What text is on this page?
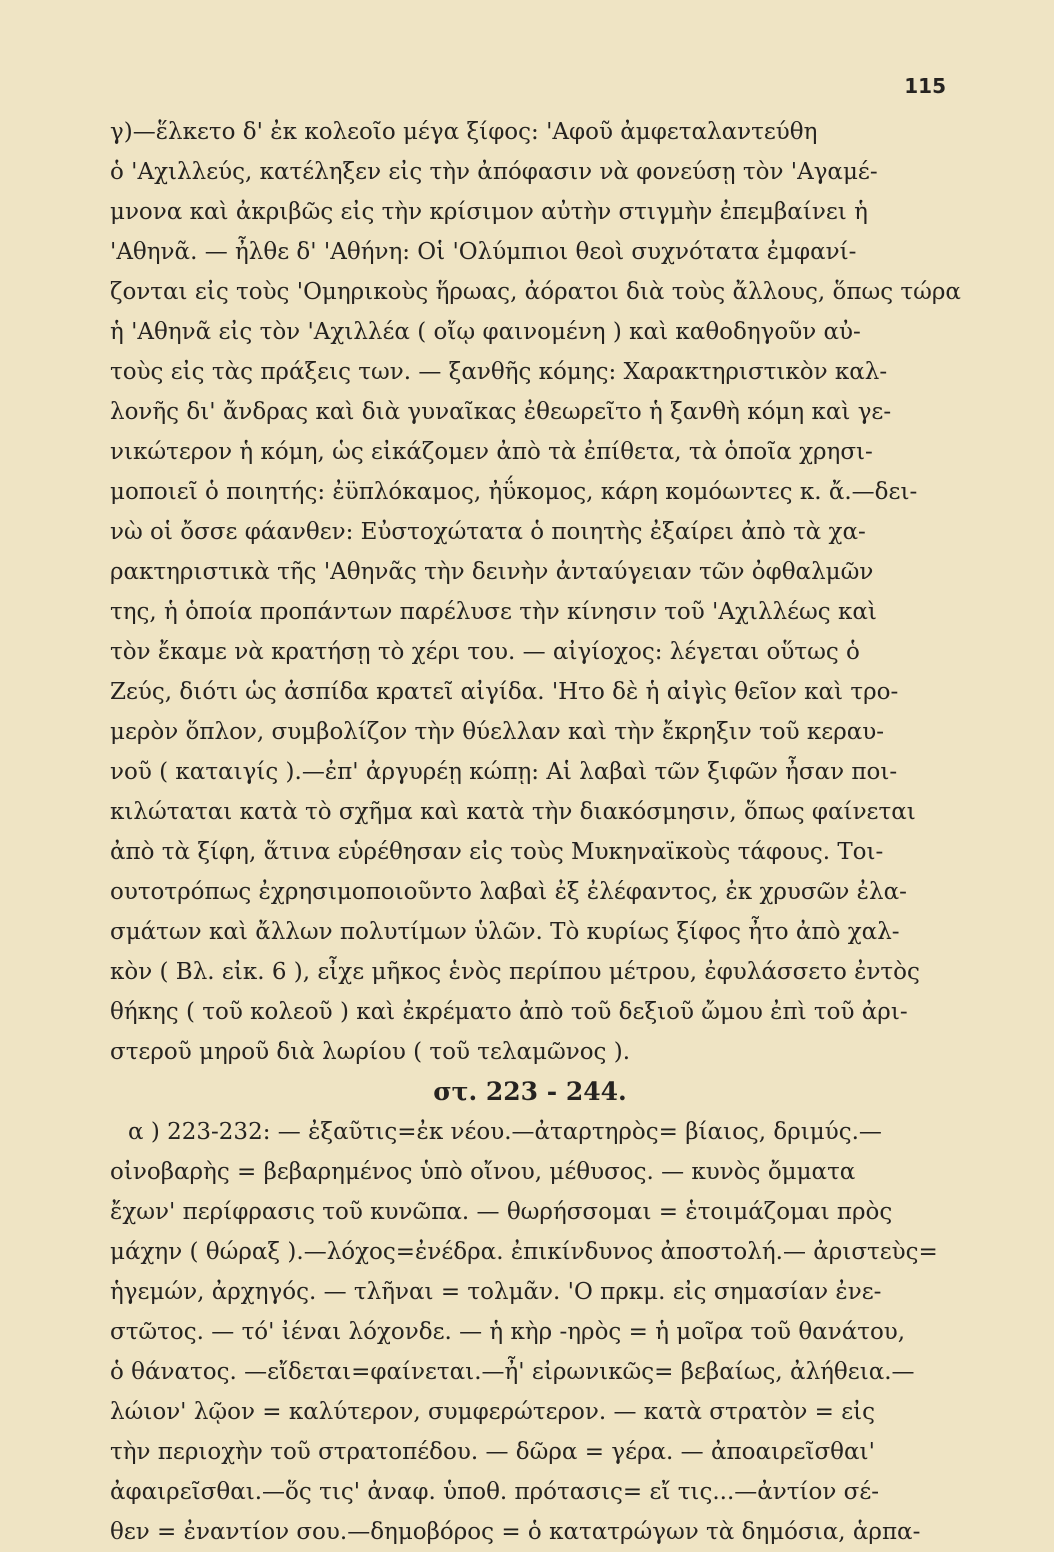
115
γ)—ἕλκετο δ' ἐκ κολεοῖο μέγα ξίφος: 'Αφοῦ ἀμφεταλαντεύθη
ὁ 'Αχιλλεύς, κατέληξεν εἰς τὴν ἀπόφασιν νὰ φονεύσῃ τὸν 'Αγαμέ-
μνονα καὶ ἀκριβῶς εἰς τὴν κρίσιμον αὐτὴν στιγμὴν ἐπεμβαίνει ἡ
'Αθηνᾶ. — ἦλθε δ' 'Αθήνη: Οἱ 'Ολύμπιοι θεοὶ συχνότατα ἐμφανί-
ζονται εἰς τοὺς 'Ομηρικοὺς ἥρωας, ἀόρατοι διὰ τοὺς ἄλλους, ὅπως τώρα
ἡ 'Αθηνᾶ εἰς τὸν 'Αχιλλέα ( οἴῳ φαινομένη ) καὶ καθοδηγοῦν αὐ-
τοὺς εἰς τὰς πράξεις των. — ξανθῆς κόμης: Χαρακτηριστικὸν καλ-
λονῆς δι' ἄνδρας καὶ διὰ γυναῖκας ἐθεωρεῖτο ἡ ξανθὴ κόμη καὶ γε-
νικώτερον ἡ κόμη, ὡς εἰκάζομεν ἀπὸ τὰ ἐπίθετα, τὰ ὁποῖα χρησι-
μοποιεῖ ὁ ποιητής: ἐϋπλόκαμος, ἠΰκομος, κάρη κομόωντες κ. ἄ.—δει-
νὼ οἱ ὄσσε φάανθεν: Εὐστοχώτατα ὁ ποιητὴς ἐξαίρει ἀπὸ τὰ χα-
ρακτηριστικὰ τῆς 'Αθηνᾶς τὴν δεινὴν ἀνταύγειαν τῶν ὀφθαλμῶν
της, ἡ ὁποία προπάντων παρέλυσε τὴν κίνησιν τοῦ 'Αχιλλέως καὶ
τὸν ἔκαμε νὰ κρατήσῃ τὸ χέρι του. — αἰγίοχος: λέγεται οὕτως ὁ
Ζεύς, διότι ὡς ἀσπίδα κρατεῖ αἰγίδα. 'Ητο δὲ ἡ αἰγὶς θεῖον καὶ τρο-
μερὸν ὅπλον, συμβολίζον τὴν θύελλαν καὶ τὴν ἔκρηξιν τοῦ κεραυ-
νοῦ ( καταιγίς ).—ἐπ' ἀργυρέῃ κώπῃ: Αἱ λαβαὶ τῶν ξιφῶν ἦσαν ποι-
κιλώταται κατὰ τὸ σχῆμα καὶ κατὰ τὴν διακόσμησιν, ὅπως φαίνεται
ἀπὸ τὰ ξίφη, ἅτινα εὑρέθησαν εἰς τοὺς Μυκηναϊκοὺς τάφους. Τοι-
ουτοτρόπως ἐχρησιμοποιοῦντο λαβαὶ ἐξ ἐλέφαντος, ἐκ χρυσῶν ἐλα-
σμάτων καὶ ἄλλων πολυτίμων ὑλῶν. Τὸ κυρίως ξίφος ἦτο ἀπὸ χαλ-
κὸν ( Βλ. εἰκ. 6 ), εἶχε μῆκος ἑνὸς περίπου μέτρου, ἐφυλάσσετο ἐντὸς
θήκης ( τοῦ κολεοῦ ) καὶ ἐκρέματο ἀπὸ τοῦ δεξιοῦ ὤμου ἐπὶ τοῦ ἀρι-
στεροῦ μηροῦ διὰ λωρίου ( τοῦ τελαμῶνος ).
στ. 223 - 244.
α ) 223-232: — ἐξαῦτις=ἐκ νέου.—ἀταρτηρὸς= βίαιος, δριμύς.—
οἰνοβαρὴς = βεβαρημένος ὑπὸ οἴνου, μέθυσος. — κυνὸς ὄμματα
ἔχων' περίφρασις τοῦ κυνῶπα. — θωρήσσομαι = ἑτοιμάζομαι πρὸς
μάχην ( θώραξ ).—λόχος=ἐνέδρα. ἐπικίνδυνος ἀποστολή.— ἀριστεὺς=
ἡγεμών, ἀρχηγός. — τλῆναι = τολμᾶν. 'Ο πρκμ. εἰς σημασίαν ἐνε-
στῶτος. — τό' ἰέναι λόχονδε. — ἡ κὴρ -ηρὸς = ἡ μοῖρα τοῦ θανάτου,
ὁ θάνατος. —εἴδεται=φαίνεται.—ἦ' εἰρωνικῶς= βεβαίως, ἀλήθεια.—
λώιον' λῷον = καλύτερον, συμφερώτερον. — κατὰ στρατὸν = εἰς
τὴν περιοχὴν τοῦ στρατοπέδου. — δῶρα = γέρα. — ἀποαιρεῖσθαι'
ἀφαιρεῖσθαι.—ὅς τις' ἀναφ. ὑποθ. πρότασις= εἴ τις...—ἀντίον σέ-
θεν = ἐναντίον σου.—δημοβόρος = ὁ κατατρώγων τὰ δημόσια, ἁρπα-
